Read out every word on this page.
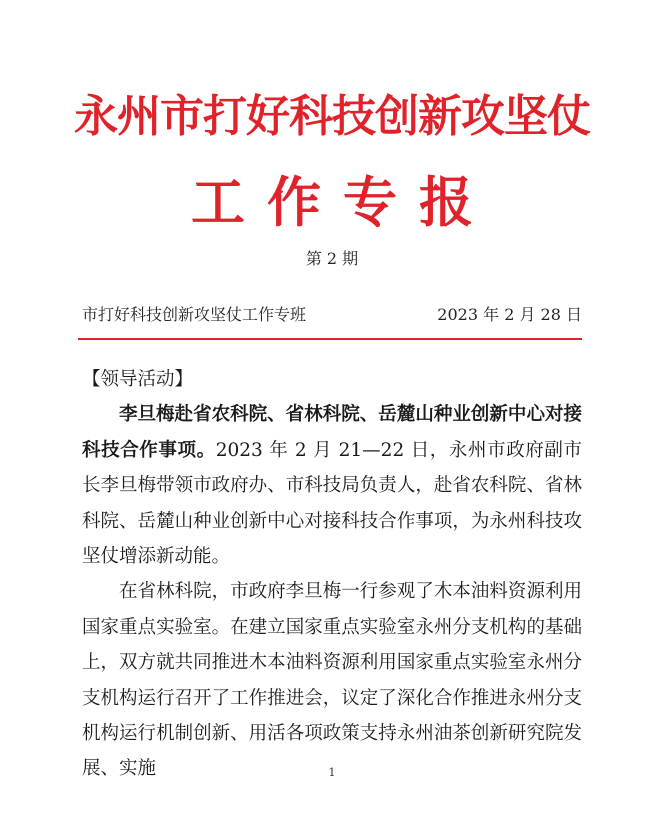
永州市打好科技创新攻坚仗
工作专报
第 2 期
市打好科技创新攻坚仗工作专班	2023 年 2 月 28 日

【领导活动】

李旦梅赴省农科院、省林科院、岳麓山种业创新中心对接科技合作事项。2023 年 2 月 21—22 日，永州市政府副市长李旦梅带领市政府办、市科技局负责人，赴省农科院、省林科院、岳麓山种业创新中心对接科技合作事项，为永州科技攻坚仗增添新动能。

在省林科院，市政府李旦梅一行参观了木本油料资源利用国家重点实验室。在建立国家重点实验室永州分支机构的基础上，双方就共同推进木本油料资源利用国家重点实验室永州分支机构运行召开了工作推进会，议定了深化合作推进永州分支机构运行机制创新、用活各项政策支持永州油茶创新研究院发展、实施	1
